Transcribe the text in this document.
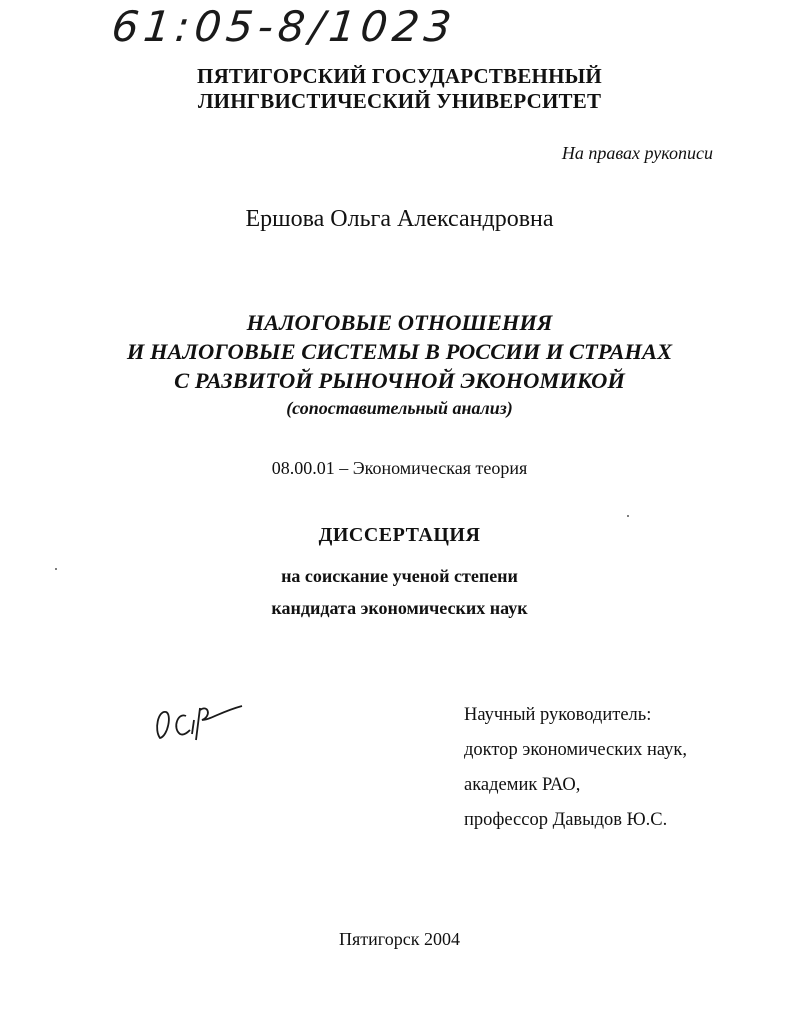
61:05-8/1023
ПЯТИГОРСКИЙ ГОСУДАРСТВЕННЫЙ
ЛИНГВИСТИЧЕСКИЙ УНИВЕРСИТЕТ
На правах рукописи
Ершова Ольга Александровна
НАЛОГОВЫЕ ОТНОШЕНИЯ
И НАЛОГОВЫЕ СИСТЕМЫ В РОССИИ И СТРАНАХ
С РАЗВИТОЙ РЫНОЧНОЙ ЭКОНОМИКОЙ
(сопоставительный анализ)
08.00.01 – Экономическая теория
ДИССЕРТАЦИЯ
на соискание ученой степени
кандидата экономических наук
Научный руководитель:
доктор экономических наук,
академик РАО,
профессор Давыдов Ю.С.
Пятигорск 2004
